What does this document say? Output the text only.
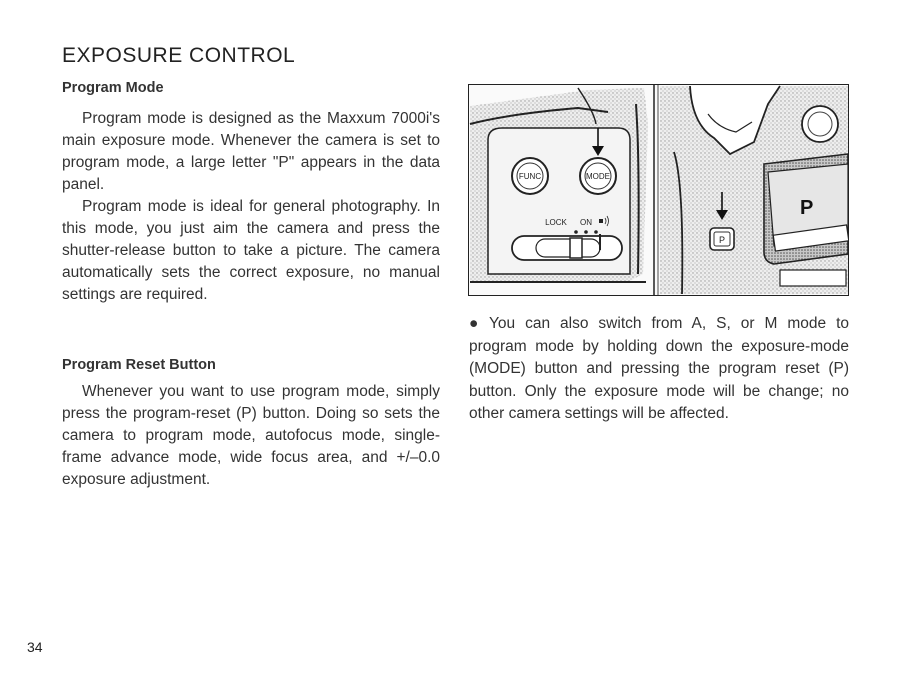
EXPOSURE CONTROL
Program Mode

Program mode is designed as the Maxxum 7000i's main exposure mode. Whenever the camera is set to program mode, a large letter "P" appears in the data panel.

Program mode is ideal for general photography. In this mode, you just aim the camera and press the shutter-release button to take a picture. The camera automatically sets the correct exposure, no manual settings are required.

Program Reset Button

Whenever you want to use program mode, simply press the program-reset (P) button. Doing so sets the camera to program mode, autofocus mode, single-frame advance mode, wide focus area, and +/–0.0 exposure adjustment.

FUNC	MODE
LOCK ON
P
P
● You can also switch from A, S, or M mode to program mode by holding down the exposure-mode (MODE) button and pressing the program reset (P) button. Only the exposure mode will be change; no other camera settings will be affected.
34
